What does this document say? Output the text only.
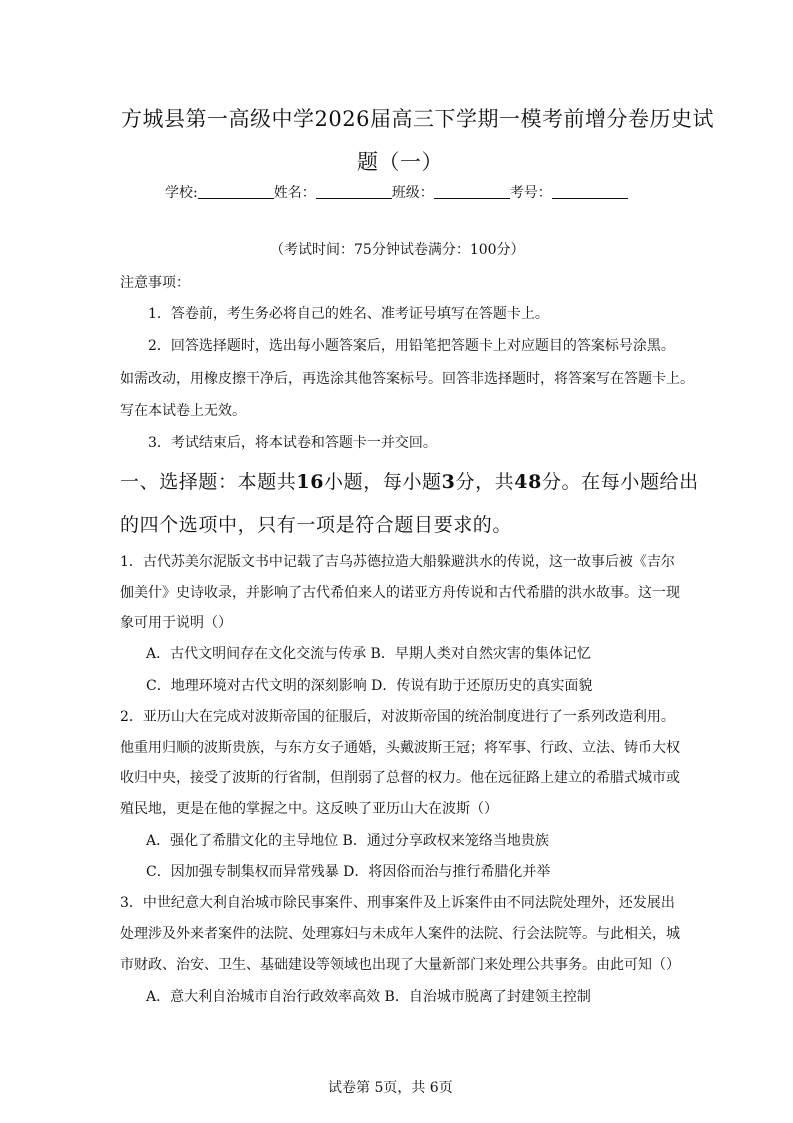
方城县第一高级中学2026届高三下学期一模考前增分卷历史试
题（一）
学校:	姓名：	班级：	考号：
（考试时间：75分钟试卷满分：100分）
注意事项：
1．答卷前，考生务必将自己的姓名、准考证号填写在答题卡上。
2．回答选择题时，选出每小题答案后，用铅笔把答题卡上对应题目的答案标号涂黑。
如需改动，用橡皮擦干净后，再选涂其他答案标号。回答非选择题时，将答案写在答题卡上。
写在本试卷上无效。
3．考试结束后，将本试卷和答题卡一并交回。
一、选择题：本题共16小题，每小题3分，共48分。在每小题给出
的四个选项中，只有一项是符合题目要求的。
1．古代苏美尔泥版文书中记载了吉乌苏德拉造大船躲避洪水的传说，这一故事后被《吉尔
伽美什》史诗收录，并影响了古代希伯来人的诺亚方舟传说和古代希腊的洪水故事。这一现
象可用于说明（）
A．古代文明间存在文化交流与传承 B．早期人类对自然灾害的集体记忆
C．地理环境对古代文明的深刻影响 D．传说有助于还原历史的真实面貌
2．亚历山大在完成对波斯帝国的征服后，对波斯帝国的统治制度进行了一系列改造利用。
他重用归顺的波斯贵族，与东方女子通婚，头戴波斯王冠；将军事、行政、立法、铸币大权
收归中央，接受了波斯的行省制，但削弱了总督的权力。他在远征路上建立的希腊式城市或
殖民地，更是在他的掌握之中。这反映了亚历山大在波斯（）
A．强化了希腊文化的主导地位 B．通过分享政权来笼络当地贵族
C．因加强专制集权而异常残暴 D．将因俗而治与推行希腊化并举
3．中世纪意大利自治城市除民事案件、刑事案件及上诉案件由不同法院处理外，还发展出
处理涉及外来者案件的法院、处理寡妇与未成年人案件的法院、行会法院等。与此相关，城
市财政、治安、卫生、基础建设等领域也出现了大量新部门来处理公共事务。由此可知（）
A．意大利自治城市自治行政效率高效 B．自治城市脱离了封建领主控制
试卷第 5页，共 6页
